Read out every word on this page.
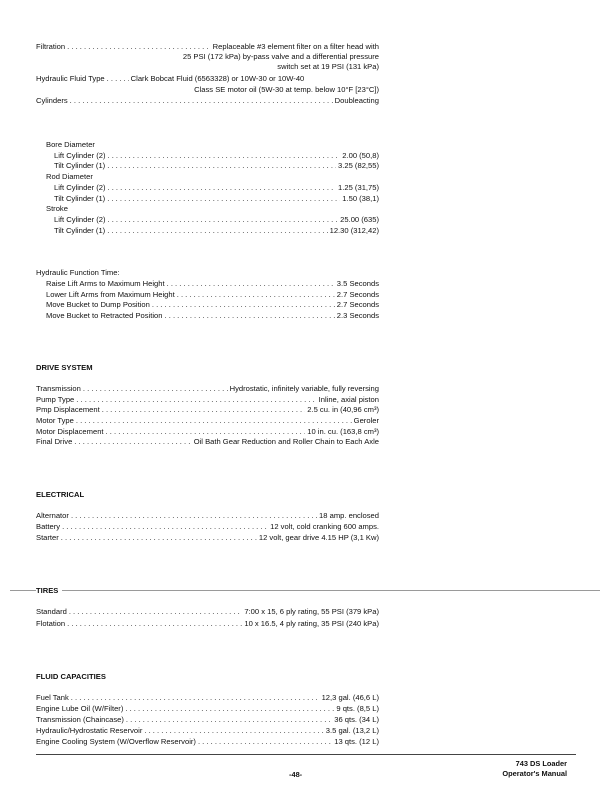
Filtration . . .	Replaceable #3 element filter on a filter head with
25 PSI (172 kPa) by-pass valve and a differential pressure
switch set at 19 PSI (131 kPa)
Hydraulic Fluid Type . . .	Clark Bobcat Fluid (6563328) or 10W-30 or 10W-40
Class SE motor oil (5W-30 at temp. below 10°F [23°C])
Cylinders . . .	Doubleacting
Bore Diameter
Lift Cylinder (2) . . .	2.00 (50,8)
Tilt Cylinder (1) . . .	3.25 (82,55)
Rod Diameter
Lift Cylinder (2) . . .	1.25 (31,75)
Tilt Cylinder (1) . . .	1.50 (38,1)
Stroke
Lift Cylinder (2) . . .	25.00 (635)
Tilt Cylinder (1) . . .	12.30 (312,42)
Hydraulic Function Time:
Raise Lift Arms to Maximum Height . . .	3.5 Seconds
Lower Lift Arms from Maximum Height . . .	2.7 Seconds
Move Bucket to Dump Position . . .	2.7 Seconds
Move Bucket to Retracted Position . . .	2.3 Seconds
DRIVE SYSTEM
Transmission . . .	Hydrostatic, infinitely variable, fully reversing
Pump Type . . .	Inline, axial piston
Pmp Displacement . . .	2.5 cu. in (40,96 cm³)
Motor Type . . .	Geroler
Motor Displacement . . .	10 in. cu. (163,8 cm³)
Final Drive . . .	Oil Bath Gear Reduction and Roller Chain to Each Axle
ELECTRICAL
Alternator . . .	18 amp. enclosed
Battery . . .	12 volt, cold cranking 600 amps.
Starter . . .	12 volt, gear drive 4.15 HP (3,1 Kw)
TIRES
Standard . . .	7:00 x 15, 6 ply rating, 55 PSI (379 kPa)
Flotation . . .	10 x 16.5, 4 ply rating, 35 PSI (240 kPa)
FLUID CAPACITIES
Fuel Tank . . .	12,3 gal. (46,6 L)
Engine Lube Oil (W/Filter) . . .	9 qts. (8,5 L)
Transmission (Chaincase) . . .	36 qts. (34 L)
Hydraulic/Hydrostatic Reservoir . . .	3.5 gal. (13,2 L)
Engine Cooling System (W/Overflow Reservoir) . . .	13 qts. (12 L)
-48-
743 DS Loader
Operator's Manual
